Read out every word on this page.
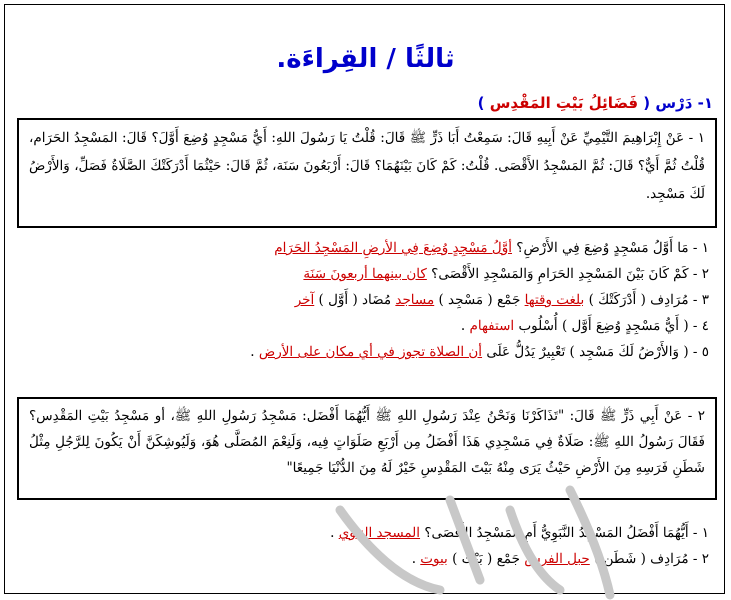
ثالثًا / القِراءَة.
١- دَرْس ( فَضَائِلُ بَيْتِ المَقْدِس )
١ - عَنْ إِبْرَاهِيمَ التَّيْمِيِّ عَنْ أَبِيهِ قَالَ: سَمِعْتُ أَبَا ذَرٍّ ﷺ قَالَ: قُلْتُ يَا رَسُولَ اللهِ: أَيُّ مَسْجِدٍ وُضِعَ أَوَّلَ؟ قَالَ: المَسْجِدُ الحَرَام، قُلْتُ ثُمَّ أَيٌّ؟ قَالَ: ثُمَّ المَسْجِدُ الأَقْصَى. قُلْتُ: كَمْ كَانَ بَيْنَهُمَا؟ قَالَ: أَرْبَعُونَ سَنَة، ثُمَّ قَالَ: حَيْثُمَا أَدْرَكَتْكَ الصَّلَاةُ فَصَلِّ، وَالأَرْضُ لَكَ مَسْجِد.
١ - مَا أَوَّلُ مَسْجِدٍ وُضِعَ فِي الأَرْضِ؟ أوَّلُ مَسْجِدٍ وُضِعَ فِي الأرضِ المَسْجِدُ الحَرَام
٢ - كَمْ كَانَ بَيْنَ المَسْجِدِ الحَرَامِ وَالمَسْجِدِ الأَقْصَى؟ كان بينهما أربعونَ سَنَة
٣ - مُرَادِف ( أَدْرَكَتْكَ ) بلغت وقتها جَمْع ( مَسْجِد ) مساجد مُضَاد ( أَوَّل ) آخر
٤ - ( أَيُّ مَسْجِدٍ وُضِعَ أَوَّل ) أُسْلُوب استفهام .
٥ - ( وَالأَرْضُ لَكَ مَسْجِد ) تَعْبِيرٌ يَدُلُّ عَلَى أن الصلاة تجوز في أي مكان على الأرض .
٢ - عَنْ أَبِي ذَرٍّ ﷺ قَالَ: "تَذَاكَرْنَا وَنَحْنُ عِنْدَ رَسُولِ اللهِ ﷺ أَيُّهُمَا أَفْضَل: مَسْجِدُ رَسُولِ اللهِ ﷺ، أو مَسْجِدُ بَيْتِ المَقْدِس؟ فَقَالَ رَسُولُ اللهِ ﷺ: صَلَاةٌ فِي مَسْجِدِي هَذَا أَفْضَلُ مِن أَرْبَعِ صَلَوَاتٍ فِيه، وَلَنِعْمَ المُصَلَّى هُوَ، وَلَيُوشِكَنَّ أَنْ يَكُونَ لِلرَّجُلِ مِثْلُ شَطَنِ فَرَسِهِ مِنَ الأَرْضِ حَيْثُ يَرَى مِنْهُ بَيْتَ المَقْدِسِ خَيْرٌ لَهُ مِنَ الدُّنْيَا جَمِيعًا"
١ - أَيُّهُمَا أَفْضَلُ المَسْجِدُ النَّبَوِيُّ أَمِ المَسْجِدُ الأَقْصَى؟ المسجد النبوي .
٢ - مُرَادِف ( شَطَن ) حبل الفرس جَمْع ( بَيْت ) بيوت .
